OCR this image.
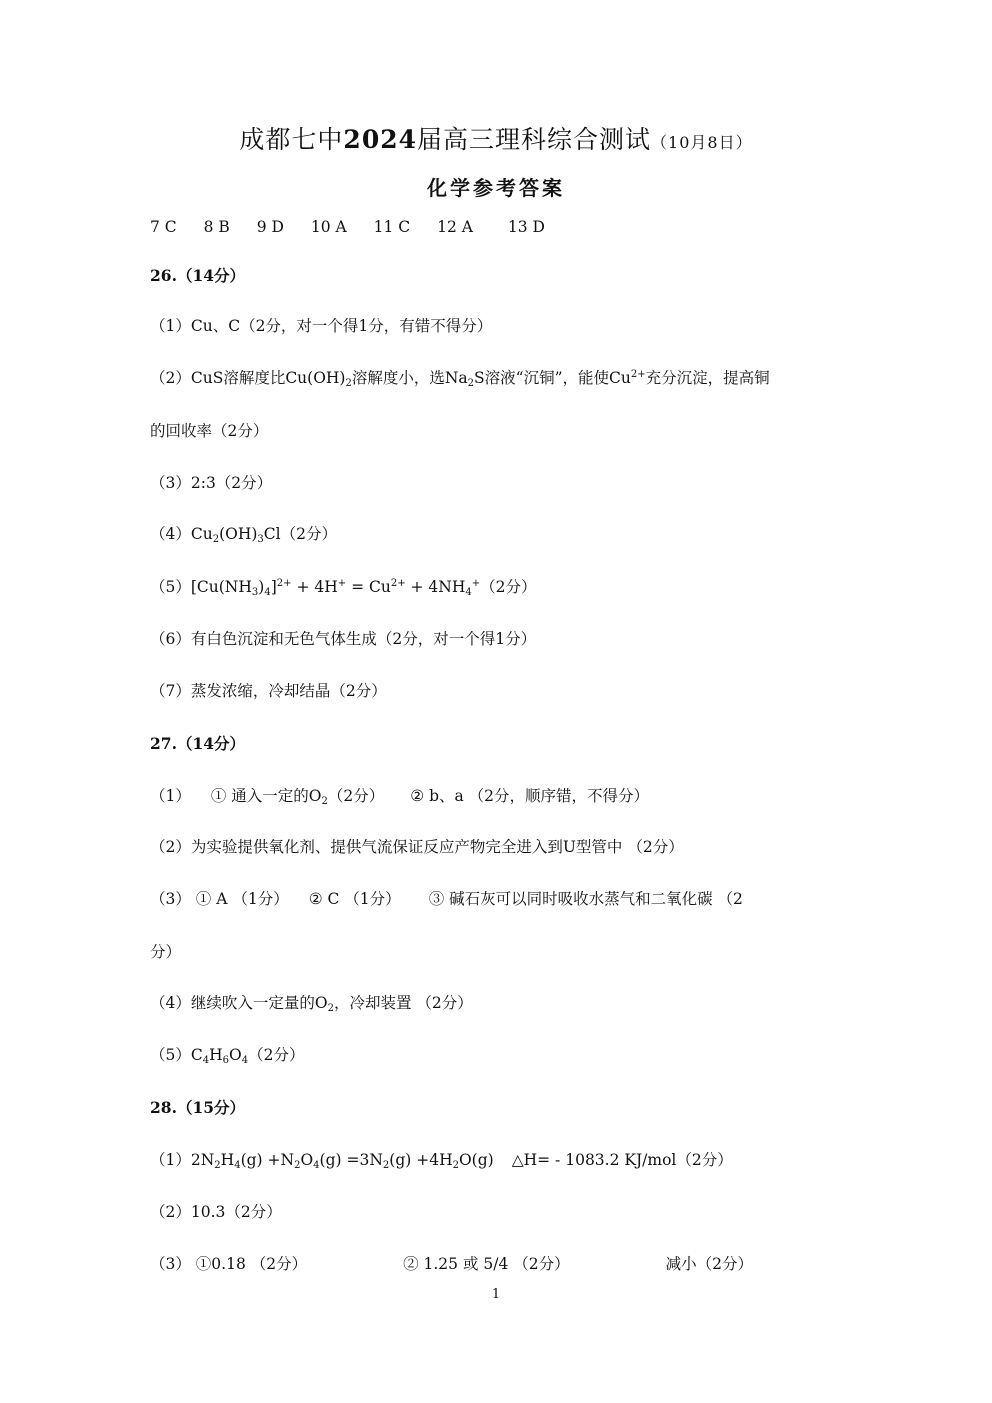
成都七中2024届高三理科综合测试（10月8日）
化学参考答案
7 C 8 B 9 D 10 A 11 C 12 A 13 D
26.（14分）
（1）Cu、C（2分，对一个得1分，有错不得分）
（2）CuS溶解度比$Cu(OH)_2$溶解度小，选$Na_2S$溶液“沉铜”，能使$Cu^{2+}$充分沉淀，提高铜
的回收率（2分）
（3）2:3（2分）
$(4)Cu_2(OH)_3Cl(2$分）
$(5)[Cu(NH_3)_4]^{2+} + 4H^+ = Cu^{2+} + 4NH_4^+(2$分）
（6）有白色沉淀和无色气体生成（2分，对一个得1分）
（7）蒸发浓缩，冷却结晶（2分）
27.（14分）
（1） ① 通入一定的$O_2(2$分） ② b、a （2分，顺序错，不得分）
（2）为实验提供氧化剂、提供气流保证反应产物完全进入到U型管中 （2分）
（3） ① A （1分） ② C （1分） ③ 碱石灰可以同时吸收水蒸气和二氧化碳 （2
分）
（4）继续吹入一定量的$O_2$，冷却装置 （2分）
$(5)C_4H_6O_4(2$分）
28.（15分）
$(1)2N_2H_4(g) +N_2O_4(g) =3N_2(g) +4H_2O(g)$ △H= - 1083.2 KJ/mol（2分）
（2）10.3（2分）
（3） ①0.18 （2分）	② 1.25 或 5/4 （2分）	减小（2分）
1
